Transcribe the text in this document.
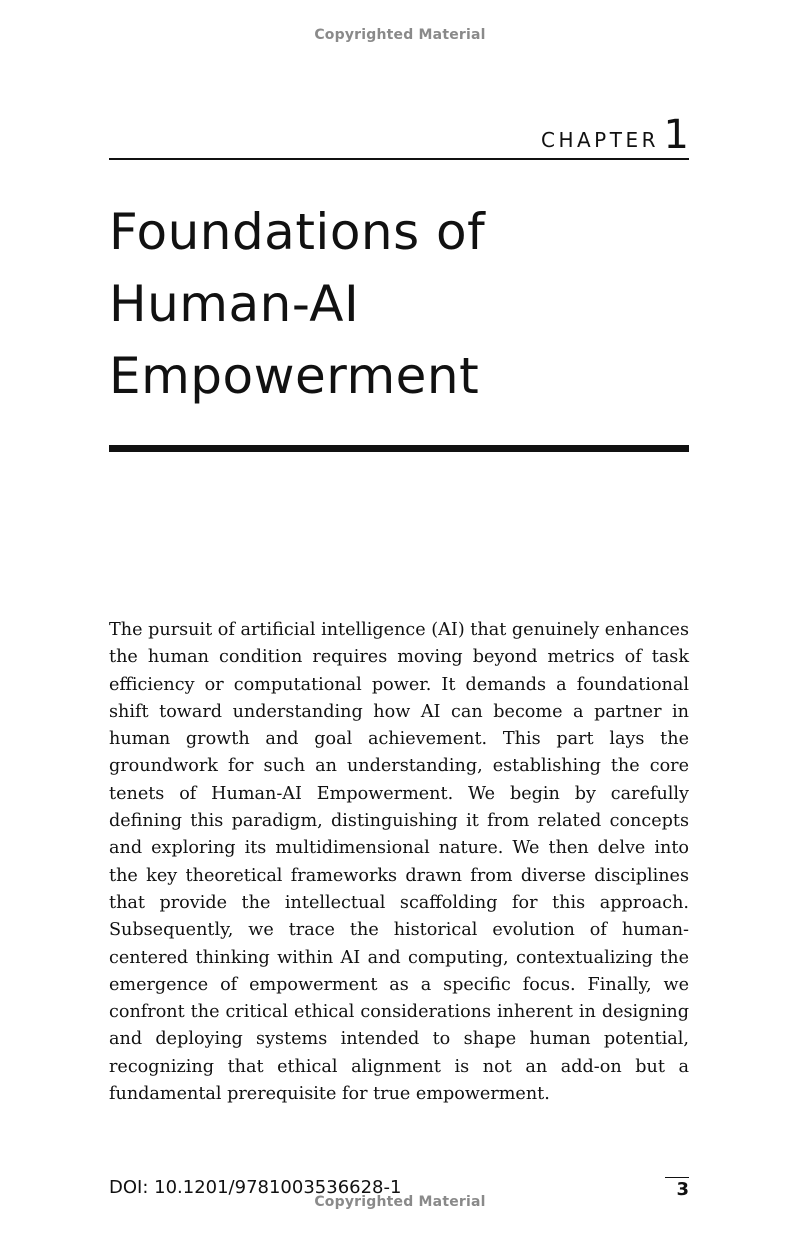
Copyrighted Material
CHAPTER 1
Foundations of
Human-AI
Empowerment

The pursuit of artificial intelligence (AI) that genuinely enhances the human condition requires moving beyond metrics of task efficiency or computational power. It demands a foundational shift toward understanding how AI can become a partner in human growth and goal achievement. This part lays the groundwork for such an understanding, establishing the core tenets of Human-AI Empowerment. We begin by carefully defining this paradigm, distinguishing it from related concepts and exploring its multidimensional nature. We then delve into the key theoretical frameworks drawn from diverse disciplines that provide the intellectual scaffolding for this approach. Subsequently, we trace the historical evolution of human-centered thinking within AI and computing, contextualizing the emergence of empowerment as a specific focus. Finally, we confront the critical ethical considerations inherent in designing and deploying systems intended to shape human potential, recognizing that ethical alignment is not an add-on but a fundamental prerequisite for true empowerment.

DOI: 10.1201/9781003536628-1	3
Copyrighted Material
